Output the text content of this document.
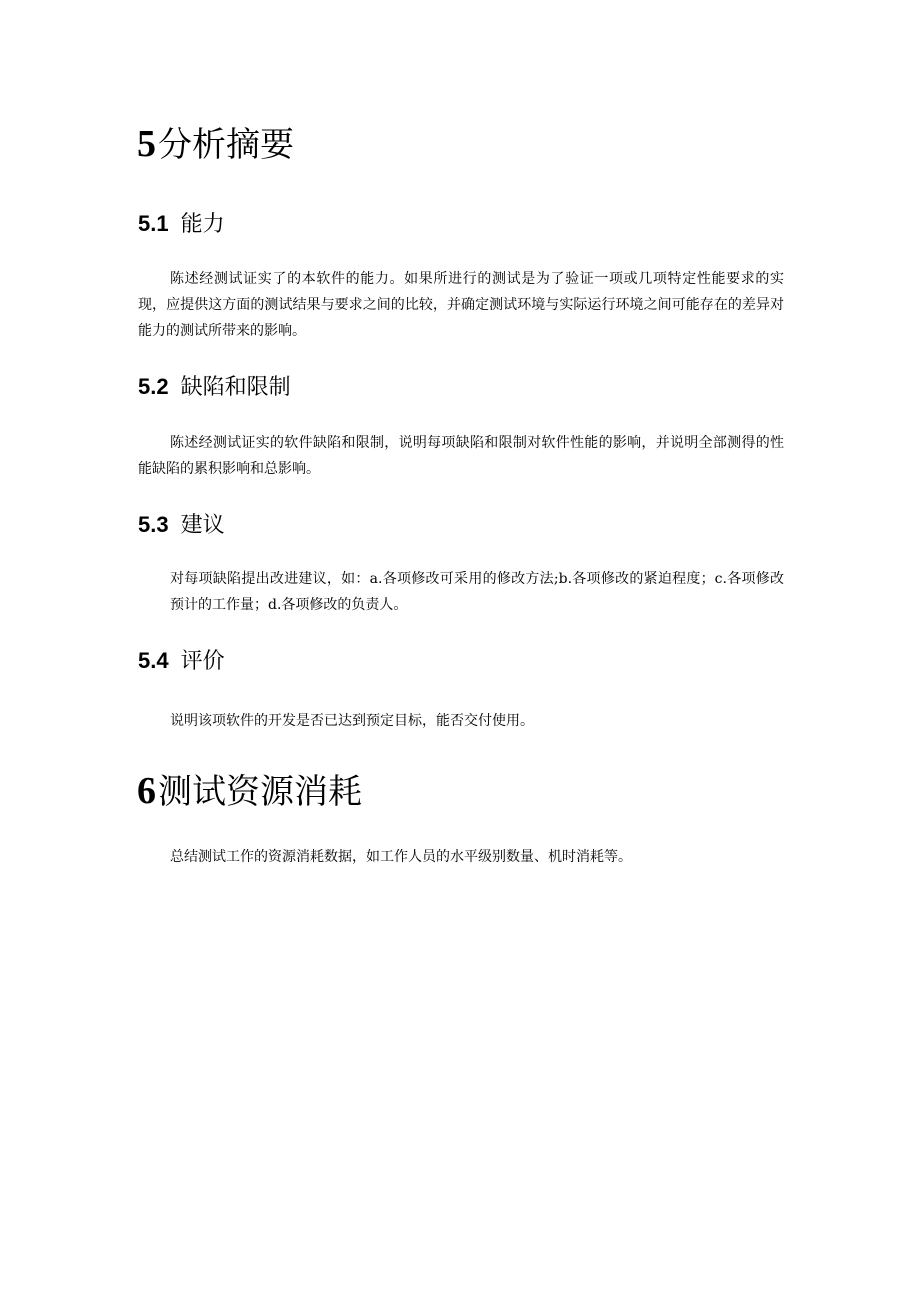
5分析摘要
5.1 能力

陈述经测试证实了的本软件的能力。如果所进行的测试是为了验证一项或几项特定性能要求的实现，应提供这方面的测试结果与要求之间的比较，并确定测试环境与实际运行环境之间可能存在的差异对能力的测试所带来的影响。

5.2 缺陷和限制

陈述经测试证实的软件缺陷和限制，说明每项缺陷和限制对软件性能的影响，并说明全部测得的性能缺陷的累积影响和总影响。

5.3 建议

对每项缺陷提出改进建议，如：a.各项修改可采用的修改方法;b.各项修改的紧迫程度；c.各项修改预计的工作量；d.各项修改的负责人。

5.4 评价

说明该项软件的开发是否已达到预定目标，能否交付使用。

6测试资源消耗

总结测试工作的资源消耗数据，如工作人员的水平级别数量、机时消耗等。
